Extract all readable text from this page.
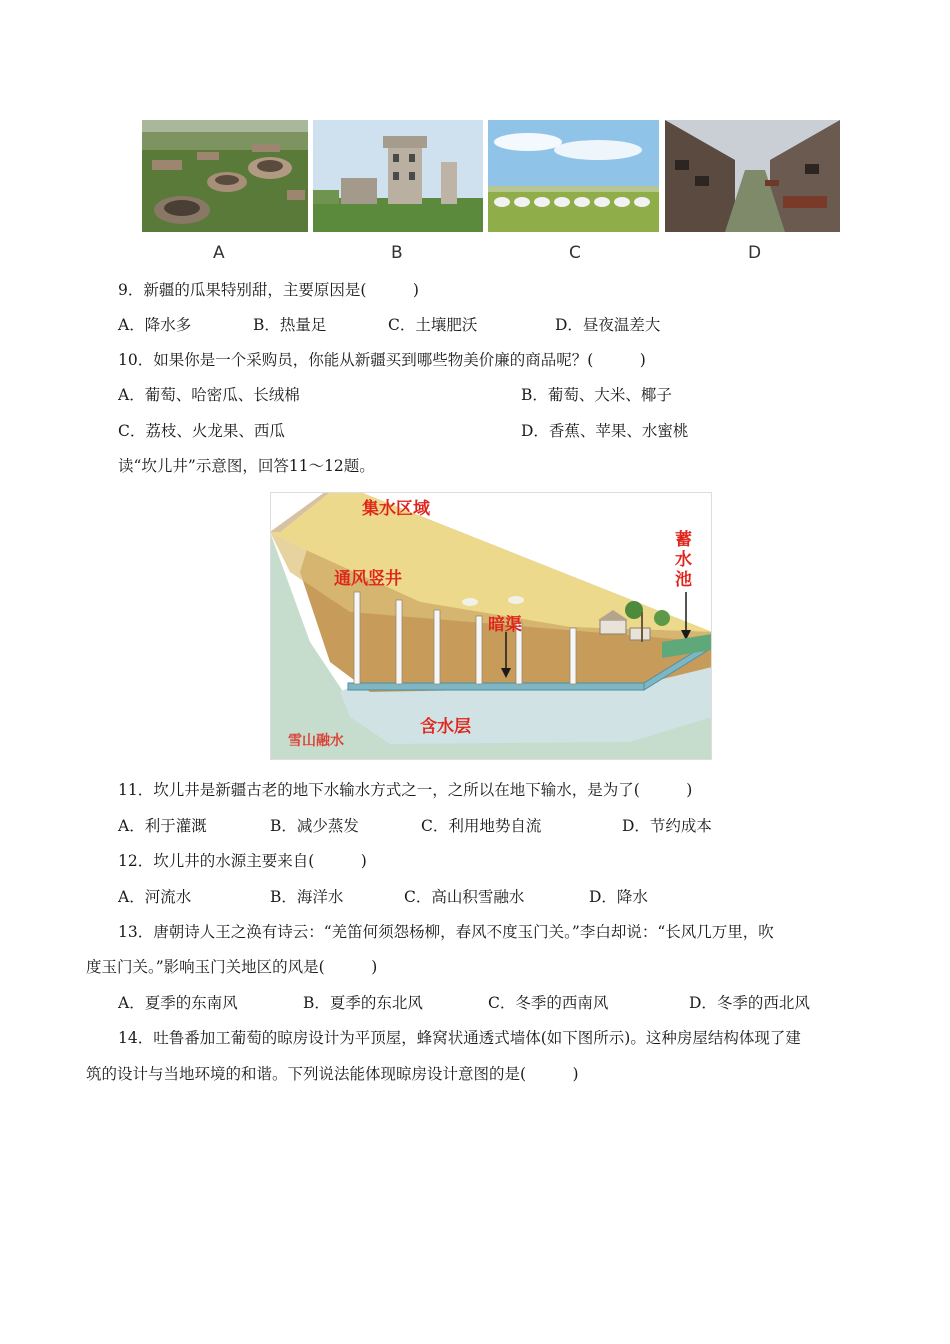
A	B	C	D
9．新疆的瓜果特别甜，主要原因是(　　　)
A．降水多	B．热量足	C．土壤肥沃	D．昼夜温差大
10．如果你是一个采购员，你能从新疆买到哪些物美价廉的商品呢？(　　　)
A．葡萄、哈密瓜、长绒棉	B．葡萄、大米、椰子
C．荔枝、火龙果、西瓜	D．香蕉、苹果、水蜜桃
读“坎儿井”示意图，回答11～12题。
集水区域
通风竖井
暗渠
蓄水池
含水层
雪山融水
11．坎儿井是新疆古老的地下水输水方式之一，之所以在地下输水，是为了(　　　)
A．利于灌溉	B．减少蒸发	C．利用地势自流	D．节约成本
12．坎儿井的水源主要来自(　　　)
A．河流水	B．海洋水	C．高山积雪融水	D．降水
13．唐朝诗人王之涣有诗云：“羌笛何须怨杨柳，春风不度玉门关。”李白却说：“长风几万里，吹
度玉门关。”影响玉门关地区的风是(　　　)
A．夏季的东南风	B．夏季的东北风	C．冬季的西南风	D．冬季的西北风
14．吐鲁番加工葡萄的晾房设计为平顶屋，蜂窝状通透式墙体(如下图所示)。这种房屋结构体现了建
筑的设计与当地环境的和谐。下列说法能体现晾房设计意图的是(　　　)
